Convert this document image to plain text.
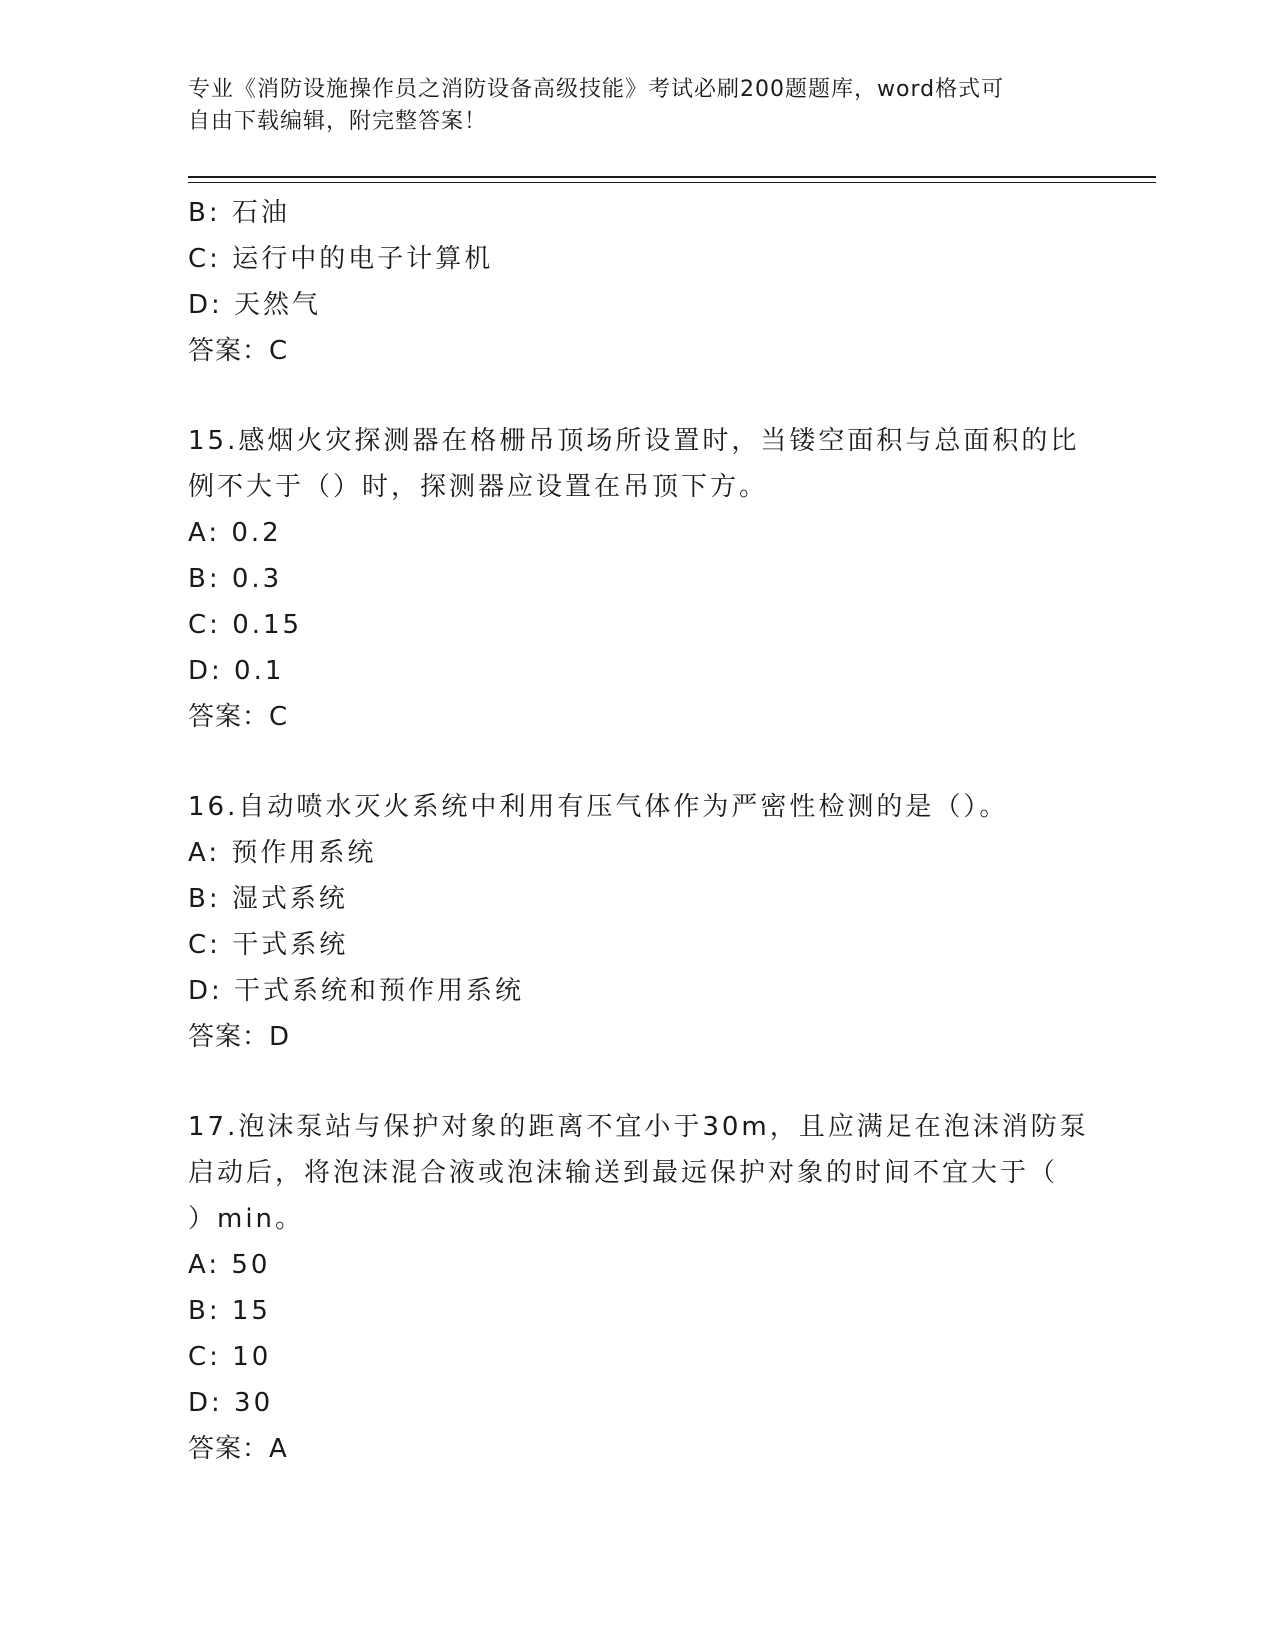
专业《消防设施操作员之消防设备高级技能》考试必刷200题题库，word格式可
自由下载编辑，附完整答案！
B: 石油
C: 运行中的电子计算机
D: 天然气
答案：C
15.感烟火灾探测器在格栅吊顶场所设置时，当镂空面积与总面积的比
例不大于（）时，探测器应设置在吊顶下方。
A: 0.2
B: 0.3
C: 0.15
D: 0.1
答案：C
16.自动喷水灭火系统中利用有压气体作为严密性检测的是（）。
A: 预作用系统
B: 湿式系统
C: 干式系统
D: 干式系统和预作用系统
答案：D
17.泡沫泵站与保护对象的距离不宜小于30m，且应满足在泡沫消防泵
启动后，将泡沫混合液或泡沫输送到最远保护对象的时间不宜大于（
）min。
A: 50
B: 15
C: 10
D: 30
答案：A
